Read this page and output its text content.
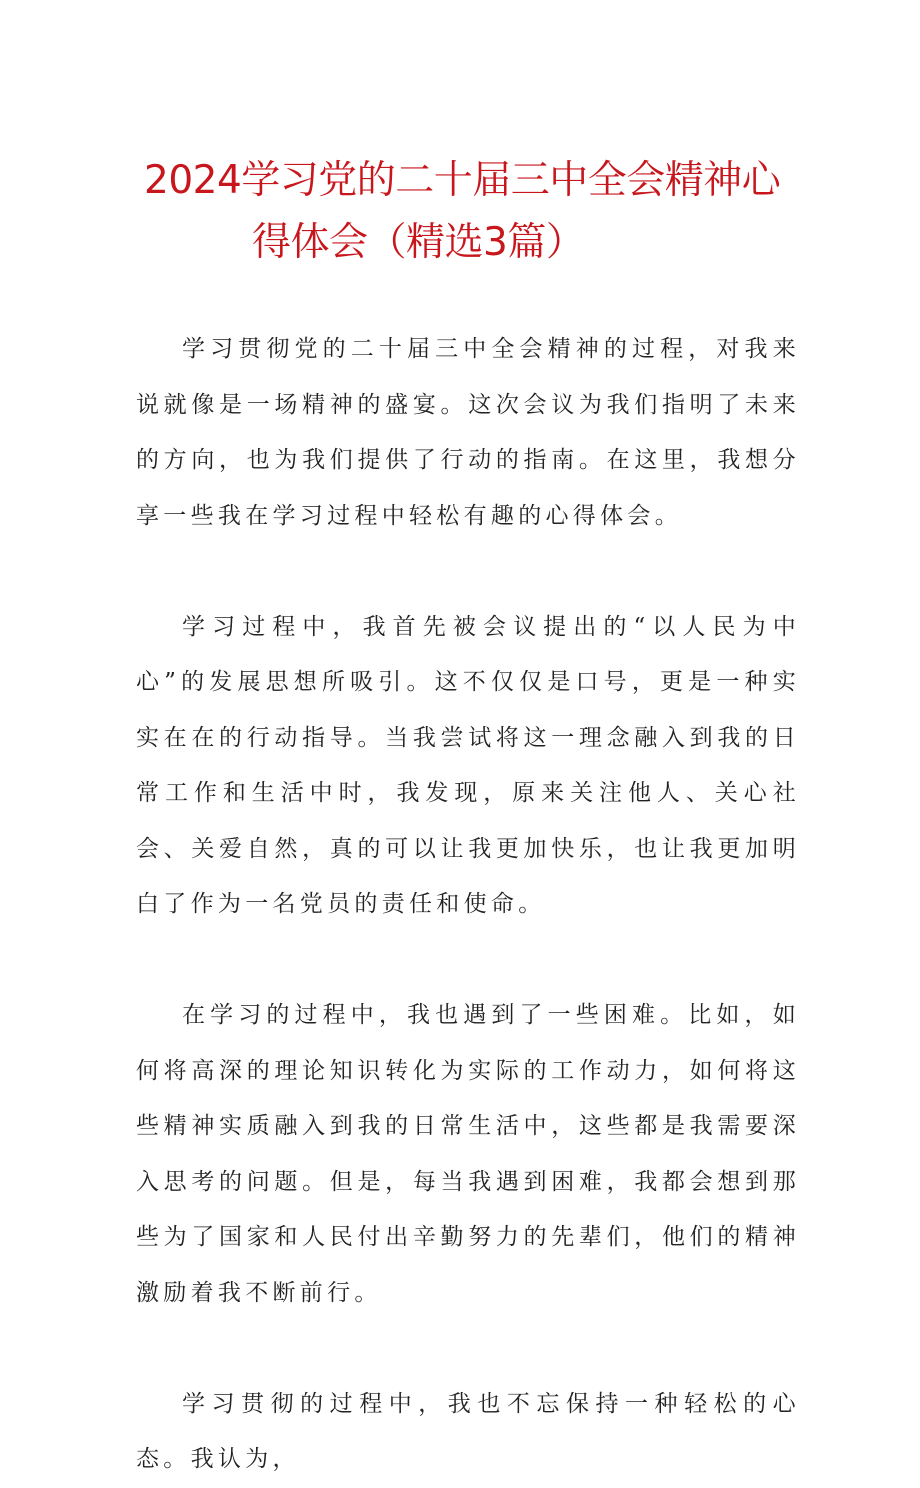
2024学习党的二十届三中全会精神心
得体会（精选3篇）

学习贯彻党的二十届三中全会精神的过程，对我来说就像是一场精神的盛宴。这次会议为我们指明了未来的方向，也为我们提供了行动的指南。在这里，我想分享一些我在学习过程中轻松有趣的心得体会。

学习过程中，我首先被会议提出的“以人民为中心”的发展思想所吸引。这不仅仅是口号，更是一种实实在在的行动指导。当我尝试将这一理念融入到我的日常工作和生活中时，我发现，原来关注他人、关心社会、关爱自然，真的可以让我更加快乐，也让我更加明白了作为一名党员的责任和使命。

在学习的过程中，我也遇到了一些困难。比如，如何将高深的理论知识转化为实际的工作动力，如何将这些精神实质融入到我的日常生活中，这些都是我需要深入思考的问题。但是，每当我遇到困难，我都会想到那些为了国家和人民付出辛勤努力的先辈们，他们的精神激励着我不断前行。

学习贯彻的过程中，我也不忘保持一种轻松的心态。我认为，
